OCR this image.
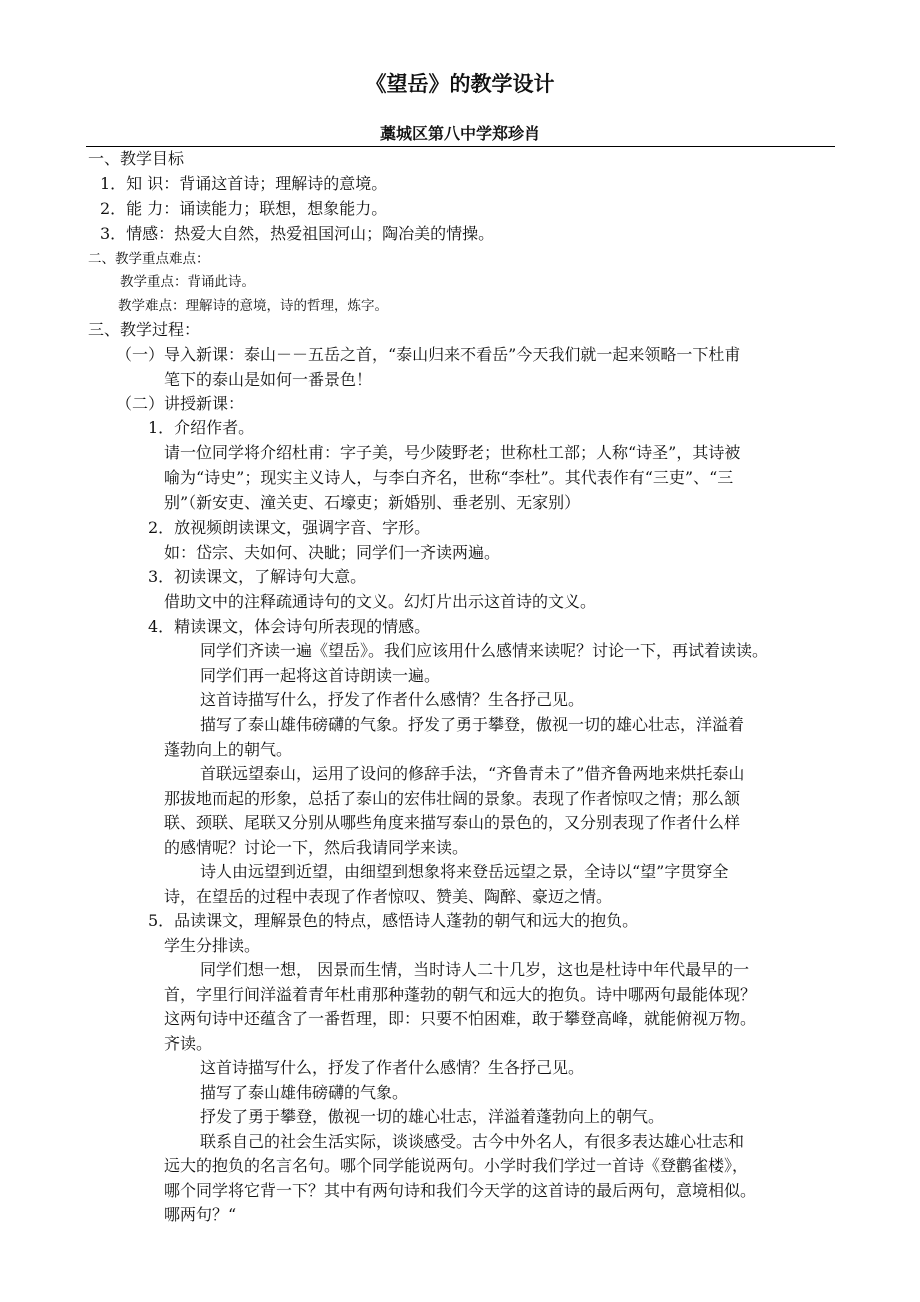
《望岳》的教学设计
藁城区第八中学郑珍肖
一、教学目标
1．知 识：背诵这首诗；理解诗的意境。
2．能 力：诵读能力；联想，想象能力。
3．情感：热爱大自然，热爱祖国河山；陶冶美的情操。
二、教学重点难点：
教学重点：背诵此诗。
教学难点：理解诗的意境，诗的哲理，炼字。
三、教学过程：
（一）导入新课：泰山－－五岳之首，“泰山归来不看岳”今天我们就一起来领略一下杜甫
笔下的泰山是如何一番景色！
（二）讲授新课：
1．介绍作者。
请一位同学将介绍杜甫：字子美，号少陵野老；世称杜工部；人称“诗圣”，其诗被
喻为“诗史”；现实主义诗人，与李白齐名，世称“李杜”。其代表作有“三吏”、“三
别”（新安吏、潼关吏、石壕吏；新婚别、垂老别、无家别）
2．放视频朗读课文，强调字音、字形。
如：岱宗、夫如何、决眦；同学们一齐读两遍。
3．初读课文，了解诗句大意。
借助文中的注释疏通诗句的文义。幻灯片出示这首诗的文义。
4．精读课文，体会诗句所表现的情感。
同学们齐读一遍《望岳》。我们应该用什么感情来读呢？讨论一下，再试着读读。
同学们再一起将这首诗朗读一遍。
这首诗描写什么，抒发了作者什么感情？生各抒己见。
描写了泰山雄伟磅礴的气象。抒发了勇于攀登，傲视一切的雄心壮志，洋溢着
蓬勃向上的朝气。
首联远望泰山，运用了设问的修辞手法，“齐鲁青未了”借齐鲁两地来烘托泰山
那拔地而起的形象，总括了泰山的宏伟壮阔的景象。表现了作者惊叹之情；那么颔
联、颈联、尾联又分别从哪些角度来描写泰山的景色的，又分别表现了作者什么样
的感情呢？讨论一下，然后我请同学来读。
诗人由远望到近望，由细望到想象将来登岳远望之景，全诗以“望”字贯穿全
诗，在望岳的过程中表现了作者惊叹、赞美、陶醉、豪迈之情。
5．品读课文，理解景色的特点，感悟诗人蓬勃的朝气和远大的抱负。
学生分排读。
同学们想一想， 因景而生情，当时诗人二十几岁，这也是杜诗中年代最早的一
首，字里行间洋溢着青年杜甫那种蓬勃的朝气和远大的抱负。诗中哪两句最能体现？
这两句诗中还蕴含了一番哲理，即：只要不怕困难，敢于攀登高峰，就能俯视万物。
齐读。
这首诗描写什么，抒发了作者什么感情？生各抒己见。
描写了泰山雄伟磅礴的气象。
抒发了勇于攀登，傲视一切的雄心壮志，洋溢着蓬勃向上的朝气。
联系自己的社会生活实际，谈谈感受。古今中外名人，有很多表达雄心壮志和
远大的抱负的名言名句。哪个同学能说两句。小学时我们学过一首诗《登鹳雀楼》，
哪个同学将它背一下？其中有两句诗和我们今天学的这首诗的最后两句，意境相似。
哪两句？“
